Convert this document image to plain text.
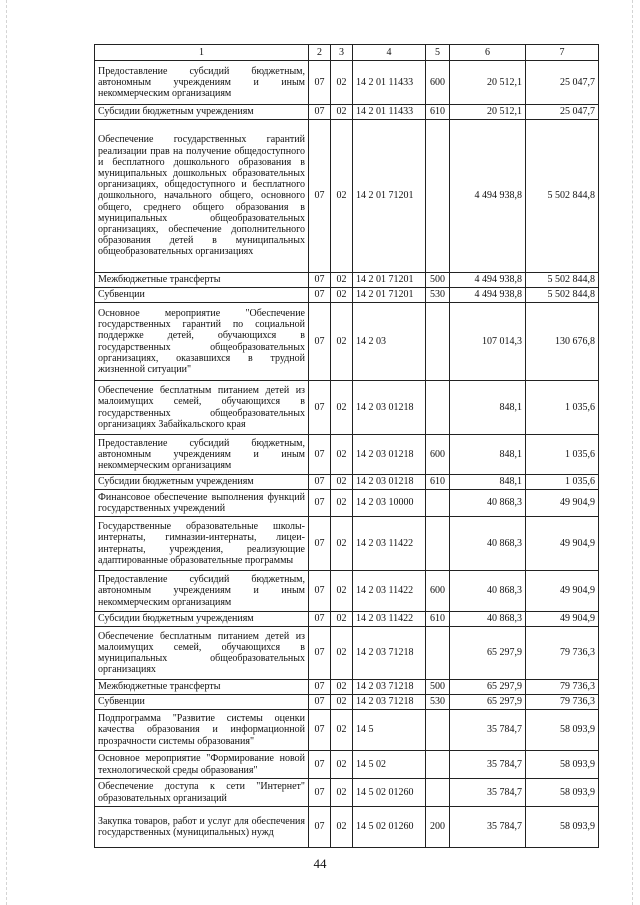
1	2	3	4	5	6	7
Предоставление субсидий бюджетным, автономным учреждениям и иным некоммерческим организациям	07	02	14 2 01 11433	600	20 512,1	25 047,7
Субсидии бюджетным учреждениям	07	02	14 2 01 11433	610	20 512,1	25 047,7
Обеспечение государственных гарантий реализации прав на получение общедоступного и бесплатного дошкольного образования в муниципальных дошкольных образовательных организациях, общедоступного и бесплатного дошкольного, начального общего, основного общего, среднего общего образования в муниципальных общеобразовательных организациях, обеспечение дополнительного образования детей в муниципальных общеобразовательных организациях	07	02	14 2 01 71201		4 494 938,8	5 502 844,8
Межбюджетные трансферты	07	02	14 2 01 71201	500	4 494 938,8	5 502 844,8
Субвенции	07	02	14 2 01 71201	530	4 494 938,8	5 502 844,8
Основное мероприятие "Обеспечение государственных гарантий по социальной поддержке детей, обучающихся в государственных общеобразовательных организациях, оказавшихся в трудной жизненной ситуации"	07	02	14 2 03		107 014,3	130 676,8
Обеспечение бесплатным питанием детей из малоимущих семей, обучающихся в государственных общеобразовательных организациях Забайкальского края	07	02	14 2 03 01218		848,1	1 035,6
Предоставление субсидий бюджетным, автономным учреждениям и иным некоммерческим организациям	07	02	14 2 03 01218	600	848,1	1 035,6
Субсидии бюджетным учреждениям	07	02	14 2 03 01218	610	848,1	1 035,6
Финансовое обеспечение выполнения функций государственных учреждений	07	02	14 2 03 10000		40 868,3	49 904,9
Государственные образовательные школы-интернаты, гимназии-интернаты, лицеи-интернаты, учреждения, реализующие адаптированные образовательные программы	07	02	14 2 03 11422		40 868,3	49 904,9
Предоставление субсидий бюджетным, автономным учреждениям и иным некоммерческим организациям	07	02	14 2 03 11422	600	40 868,3	49 904,9
Субсидии бюджетным учреждениям	07	02	14 2 03 11422	610	40 868,3	49 904,9
Обеспечение бесплатным питанием детей из малоимущих семей, обучающихся в муниципальных общеобразовательных организациях	07	02	14 2 03 71218		65 297,9	79 736,3
Межбюджетные трансферты	07	02	14 2 03 71218	500	65 297,9	79 736,3
Субвенции	07	02	14 2 03 71218	530	65 297,9	79 736,3
Подпрограмма "Развитие системы оценки качества образования и информационной прозрачности системы образования"	07	02	14 5		35 784,7	58 093,9
Основное мероприятие "Формирование новой технологической среды образования"	07	02	14 5 02		35 784,7	58 093,9
Обеспечение доступа к сети "Интернет" образовательных организаций	07	02	14 5 02 01260		35 784,7	58 093,9
Закупка товаров, работ и услуг для обеспечения государственных (муниципальных) нужд	07	02	14 5 02 01260	200	35 784,7	58 093,9
44
